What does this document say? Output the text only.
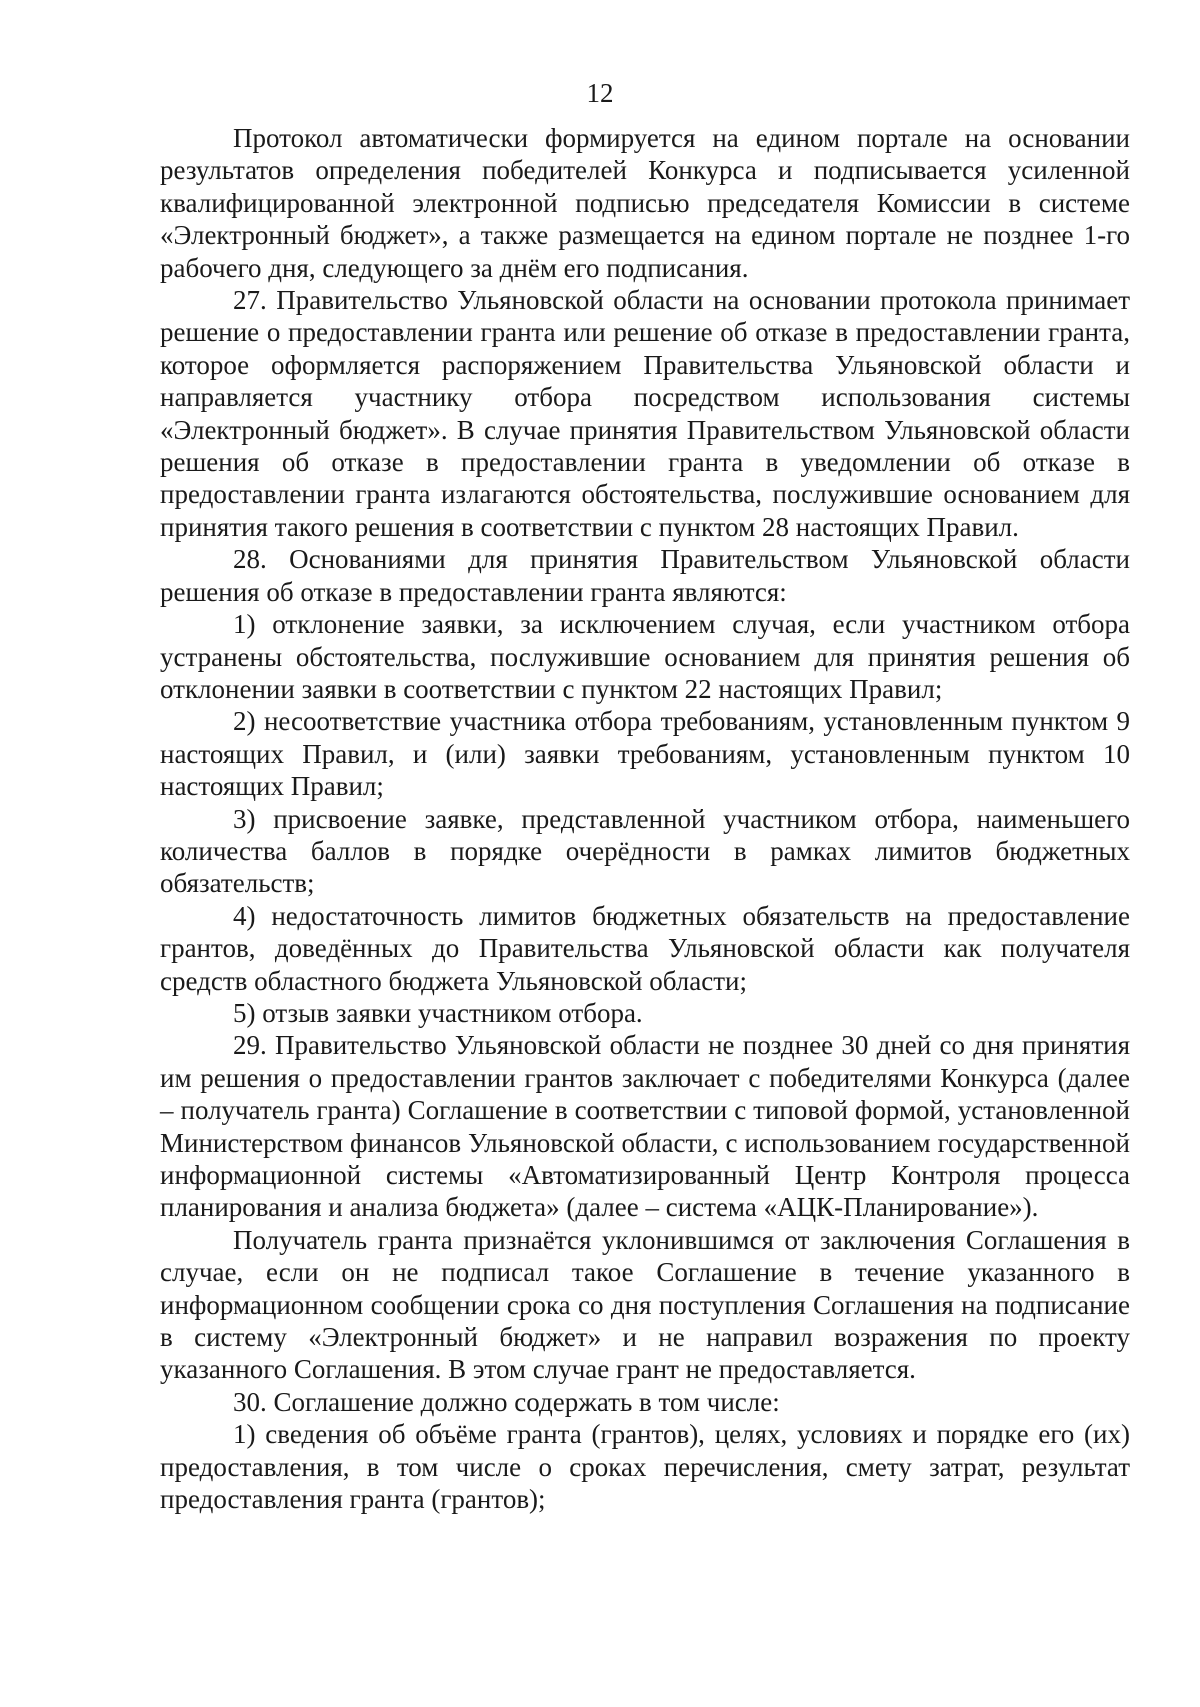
12

Протокол автоматически формируется на едином портале на основании результатов определения победителей Конкурса и подписывается усиленной квалифицированной электронной подписью председателя Комиссии в системе «Электронный бюджет», а также размещается на едином портале не позднее 1-го рабочего дня, следующего за днём его подписания.

27. Правительство Ульяновской области на основании протокола принимает решение о предоставлении гранта или решение об отказе в предоставлении гранта, которое оформляется распоряжением Правительства Ульяновской области и направляется участнику отбора посредством использования системы «Электронный бюджет». В случае принятия Правительством Ульяновской области решения об отказе в предоставлении гранта в уведомлении об отказе в предоставлении гранта излагаются обстоятельства, послужившие основанием для принятия такого решения в соответствии с пунктом 28 настоящих Правил.

28. Основаниями для принятия Правительством Ульяновской области решения об отказе в предоставлении гранта являются:

1) отклонение заявки, за исключением случая, если участником отбора устранены обстоятельства, послужившие основанием для принятия решения об отклонении заявки в соответствии с пунктом 22 настоящих Правил;

2) несоответствие участника отбора требованиям, установленным пунктом 9 настоящих Правил, и (или) заявки требованиям, установленным пунктом 10 настоящих Правил;

3) присвоение заявке, представленной участником отбора, наименьшего количества баллов в порядке очерёдности в рамках лимитов бюджетных обязательств;

4) недостаточность лимитов бюджетных обязательств на предоставление грантов, доведённых до Правительства Ульяновской области как получателя средств областного бюджета Ульяновской области;

5) отзыв заявки участником отбора.

29. Правительство Ульяновской области не позднее 30 дней со дня принятия им решения о предоставлении грантов заключает с победителями Конкурса (далее – получатель гранта) Соглашение в соответствии с типовой формой, установленной Министерством финансов Ульяновской области, с использованием государственной информационной системы «Автоматизированный Центр Контроля процесса планирования и анализа бюджета» (далее – система «АЦК-Планирование»).

Получатель гранта признаётся уклонившимся от заключения Соглашения в случае, если он не подписал такое Соглашение в течение указанного в информационном сообщении срока со дня поступления Соглашения на подписание в систему «Электронный бюджет» и не направил возражения по проекту указанного Соглашения. В этом случае грант не предоставляется.

30. Соглашение должно содержать в том числе:

1) сведения об объёме гранта (грантов), целях, условиях и порядке его (их) предоставления, в том числе о сроках перечисления, смету затрат, результат предоставления гранта (грантов);
